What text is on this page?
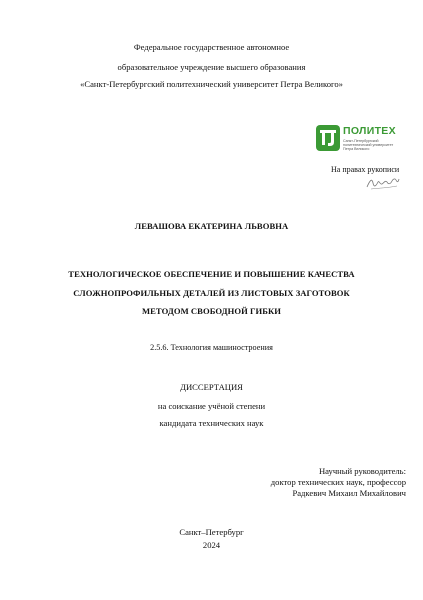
Федеральное государственное автономное
образовательное учреждение высшего образования
«Санкт-Петербургский политехнический университет Петра Великого»
ПОЛИТЕХ
Санкт-Петербургский
политехнический университет
Петра Великого
На правах рукописи
ЛЕВАШОВА ЕКАТЕРИНА ЛЬВОВНА
ТЕХНОЛОГИЧЕСКОЕ ОБЕСПЕЧЕНИЕ И ПОВЫШЕНИЕ КАЧЕСТВА
СЛОЖНОПРОФИЛЬНЫХ ДЕТАЛЕЙ ИЗ ЛИСТОВЫХ ЗАГОТОВОК
МЕТОДОМ СВОБОДНОЙ ГИБКИ
2.5.6. Технология машиностроения
ДИССЕРТАЦИЯ
на соискание учёной степени
кандидата технических наук
Научный руководитель:
доктор технических наук, профессор
Радкевич Михаил Михайлович
Санкт–Петербург
2024
